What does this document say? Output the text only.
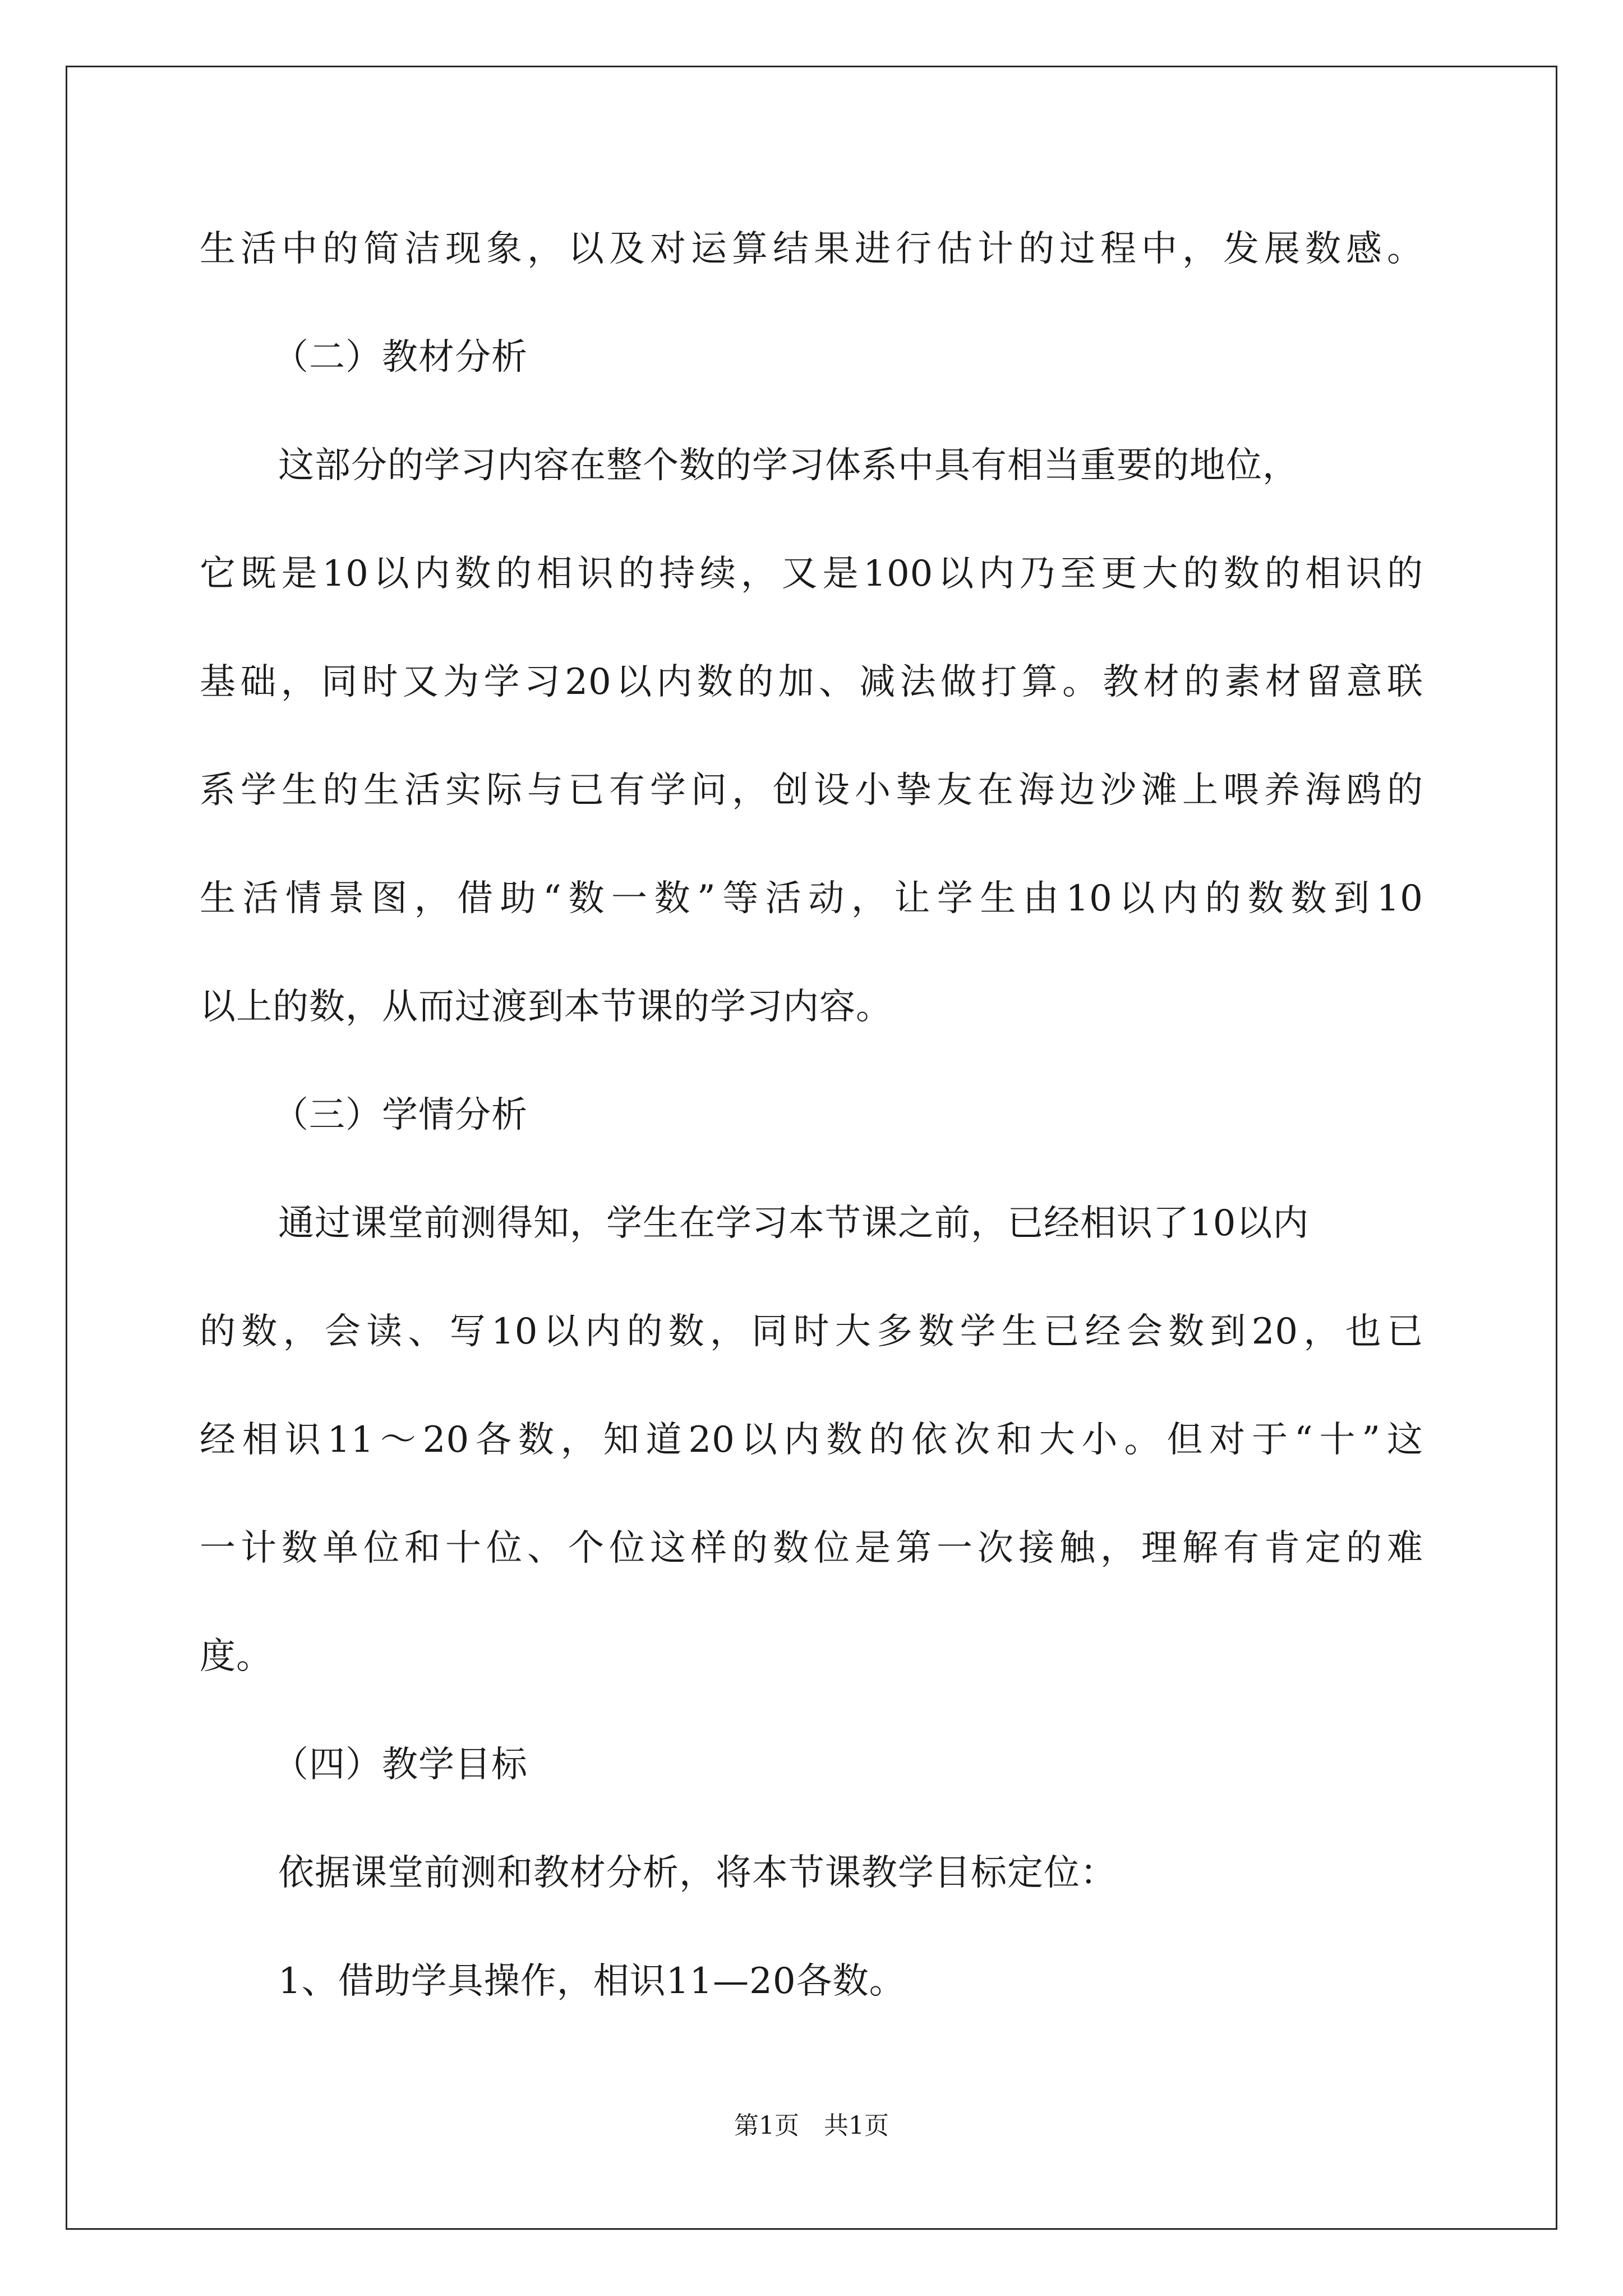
生活中的简洁现象，以及对运算结果进行估计的过程中，发展数感。
（二）教材分析
这部分的学习内容在整个数的学习体系中具有相当重要的地位，
它既是10以内数的相识的持续，又是100以内乃至更大的数的相识的
基础，同时又为学习20以内数的加、减法做打算。教材的素材留意联
系学生的生活实际与已有学问，创设小挚友在海边沙滩上喂养海鸥的
生活情景图，借助“数一数”等活动，让学生由10以内的数数到10
以上的数，从而过渡到本节课的学习内容。
（三）学情分析
通过课堂前测得知，学生在学习本节课之前，已经相识了10以内
的数，会读、写10以内的数，同时大多数学生已经会数到20，也已
经相识11～20各数，知道20以内数的依次和大小。但对于“十”这
一计数单位和十位、个位这样的数位是第一次接触，理解有肯定的难
度。
（四）教学目标
依据课堂前测和教材分析，将本节课教学目标定位：
1、借助学具操作，相识11—20各数。
第1页　共1页
